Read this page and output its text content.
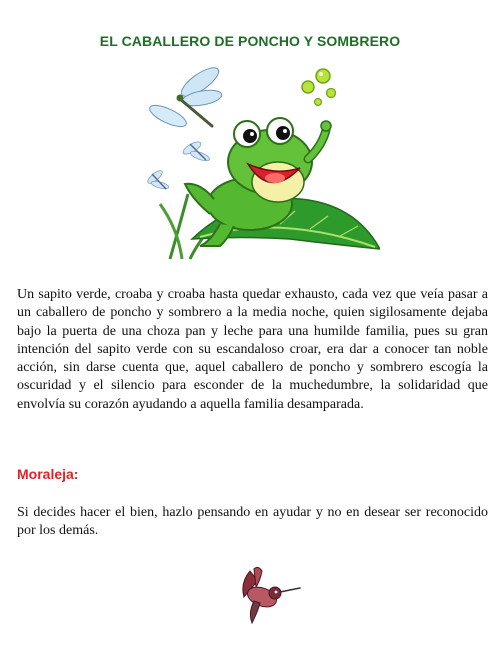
EL CABALLERO DE PONCHO Y SOMBRERO

Un sapito verde, croaba y croaba hasta quedar exhausto, cada vez que veía pasar a un caballero de poncho y sombrero a la media noche, quien sigilosamente dejaba bajo la puerta de una choza pan y leche para una humilde familia, pues su gran intención del sapito verde con su escandaloso croar, era dar a conocer tan noble acción, sin darse cuenta que, aquel caballero de poncho y sombrero escogía la oscuridad y el silencio para esconder de la muchedumbre, la solidaridad que envolvía su corazón ayudando a aquella familia desamparada.

Moraleja:

Si decides hacer el bien, hazlo pensando en ayudar y no en desear ser reconocido por los demás.
